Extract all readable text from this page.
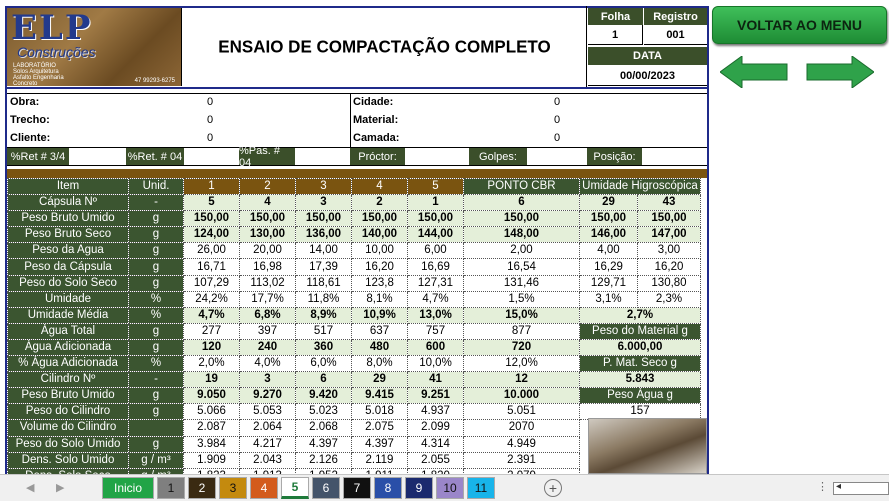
ELP
Construções
LABORATÓRIO
Solos Arquitetura
Asfalto Engenharia
Concreto	47 99293-6275
ENSAIO DE COMPACTAÇÃO COMPLETO
Folha	Registro
1	001
DATA
00/00/2023
Obra:	0
Trecho:	0
Cliente:	0
Cidade:	0
Material:	0
Camada:	0
%Ret # 3/4	%Ret. # 04	%Pas. # 04	Próctor:	Golpes:	Posição:
Item	Unid.	1	2	3	4	5	PONTO CBR	Umidade Higroscópica	
Cápsula Nº	-	5	4	3	2	1	6	29	43
Peso Bruto Umido	g	150,00	150,00	150,00	150,00	150,00	150,00	150,00	150,00
Peso Bruto Seco	g	124,00	130,00	136,00	140,00	144,00	148,00	146,00	147,00
Peso da Agua	g	26,00	20,00	14,00	10,00	6,00	2,00	4,00	3,00
Peso da Cápsula	g	16,71	16,98	17,39	16,20	16,69	16,54	16,29	16,20
Peso do Solo Seco	g	107,29	113,02	118,61	123,8	127,31	131,46	129,71	130,80
Umidade	%	24,2%	17,7%	11,8%	8,1%	4,7%	1,5%	3,1%	2,3%
Umidade Média	%	4,7%	6,8%	8,9%	10,9%	13,0%	15,0%	2,7%	
Água Total	g	277	397	517	637	757	877	Peso do Material g	
Água Adicionada	g	120	240	360	480	600	720	6.000,00	
% Água Adicionada	%	2,0%	4,0%	6,0%	8,0%	10,0%	12,0%	P. Mat. Seco g	
Cilindro Nº	-	19	3	6	29	41	12	5.843	
Peso Bruto Umido	g	9.050	9.270	9.420	9.415	9.251	10.000	Peso Água g	
Peso do Cilindro	g	5.066	5.053	5.023	5.018	4.937	5.051	157	
Volume do Cilindro		2.087	2.064	2.068	2.075	2.099	2070		
Peso do Solo Umido	g	3.984	4.217	4.397	4.397	4.314	4.949		
Dens. Solo Umido	g / m³	1.909	2.043	2.126	2.119	2.055	2.391		

VOLTAR AO MENU
◀ ▶	Inicio	1	2	3	4	5	6	7	8	9	10	11	+	⋮ ◂
